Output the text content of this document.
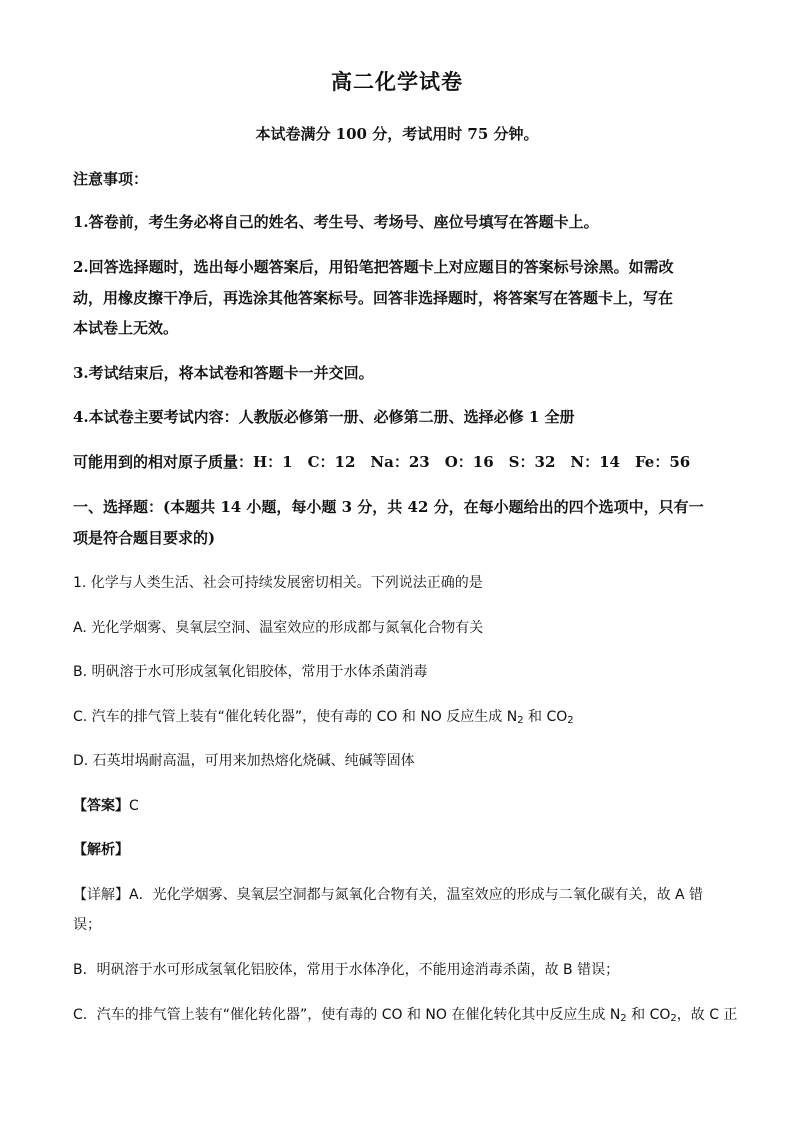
高二化学试卷
本试卷满分 100 分，考试用时 75 分钟。
注意事项：
1.答卷前，考生务必将自己的姓名、考生号、考场号、座位号填写在答题卡上。
2.回答选择题时，选出每小题答案后，用铅笔把答题卡上对应题目的答案标号涂黑。如需改
动，用橡皮擦干净后，再选涂其他答案标号。回答非选择题时，将答案写在答题卡上，写在
本试卷上无效。
3.考试结束后，将本试卷和答题卡一并交回。
4.本试卷主要考试内容：人教版必修第一册、必修第二册、选择必修 1 全册
可能用到的相对原子质量：H：1　C：12　Na：23　O：16　S：32　N：14　Fe：56
一、选择题：(本题共 14 小题，每小题 3 分，共 42 分，在每小题给出的四个选项中，只有一
项是符合题目要求的)
1. 化学与人类生活、社会可持续发展密切相关。下列说法正确的是
A. 光化学烟雾、臭氧层空洞、温室效应的形成都与氮氧化合物有关
B. 明矾溶于水可形成氢氧化铝胶体，常用于水体杀菌消毒
C. 汽车的排气管上装有“催化转化器”，使有毒的 CO 和 NO 反应生成 $N_2$ 和 $CO_2$
D. 石英坩埚耐高温，可用来加热熔化烧碱、纯碱等固体
【答案】C
【解析】
【详解】A．光化学烟雾、臭氧层空洞都与氮氧化合物有关，温室效应的形成与二氧化碳有关，故 A 错
误；
B．明矾溶于水可形成氢氧化铝胶体，常用于水体净化，不能用途消毒杀菌，故 B 错误；
C．汽车的排气管上装有“催化转化器”，使有毒的 CO 和 NO 在催化转化其中反应生成 $N_2$ 和 $CO_2$，故 C 正
